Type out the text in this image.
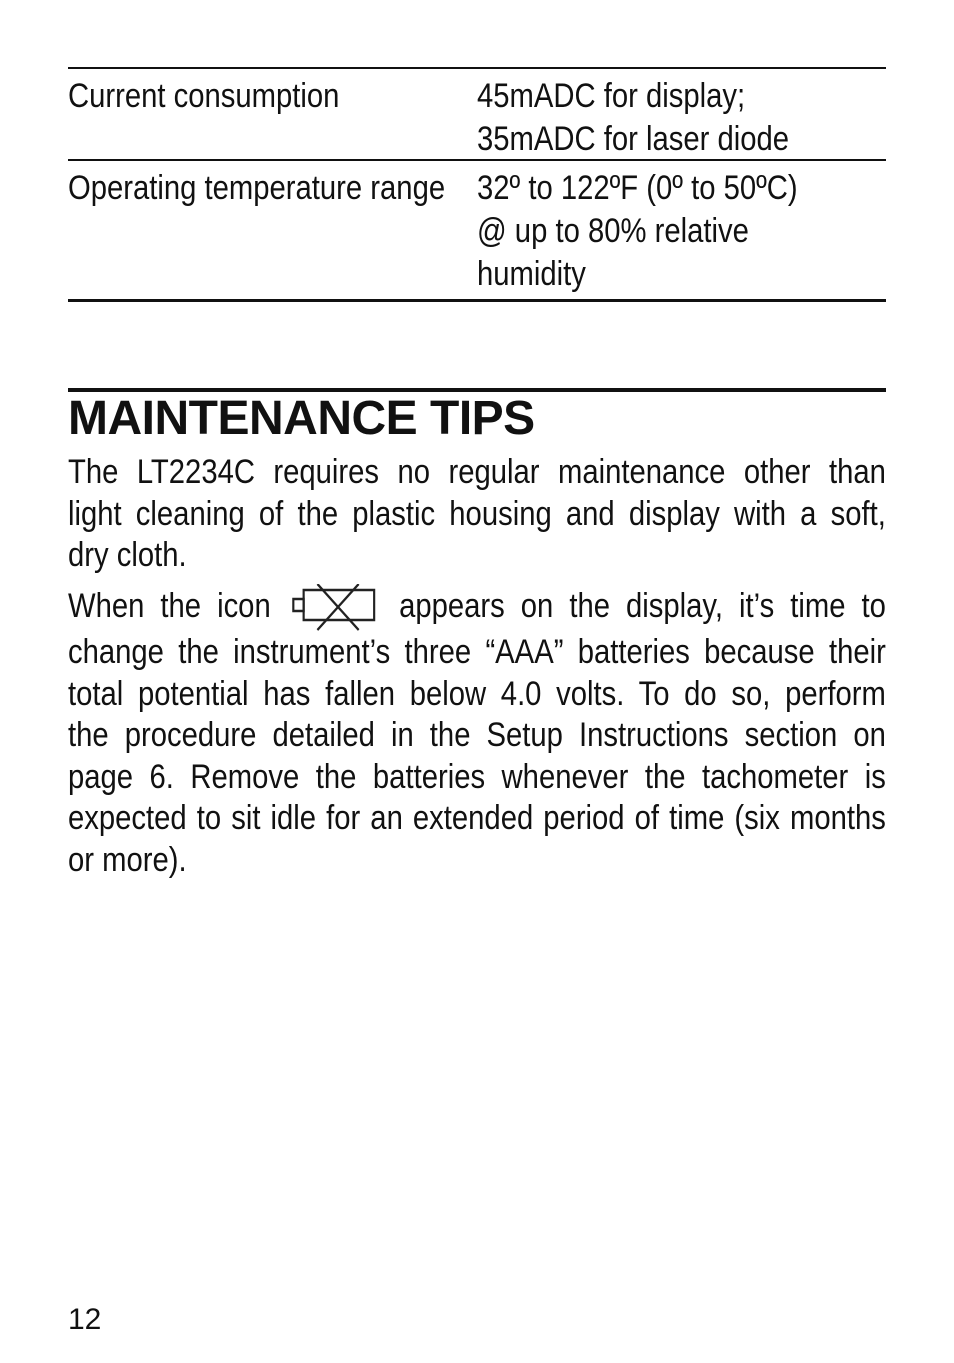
Current consumption	45mADC for display;
35mADC for laser diode
Operating temperature range 32º to 122ºF (0º to 50ºC)
@ up to 80% relative
humidity
MAINTENANCE TIPS
The LT2234C requires no regular maintenance other than
light cleaning of the plastic housing and display with a soft,
dry cloth.
When the icon	appears on the display, it’s time to
change the instrument’s three “AAA” batteries because their
total potential has fallen below 4.0 volts. To do so, perform
the procedure detailed in the Setup Instructions section on
page 6. Remove the batteries whenever the tachometer is
expected to sit idle for an extended period of time (six months
or more).
12
